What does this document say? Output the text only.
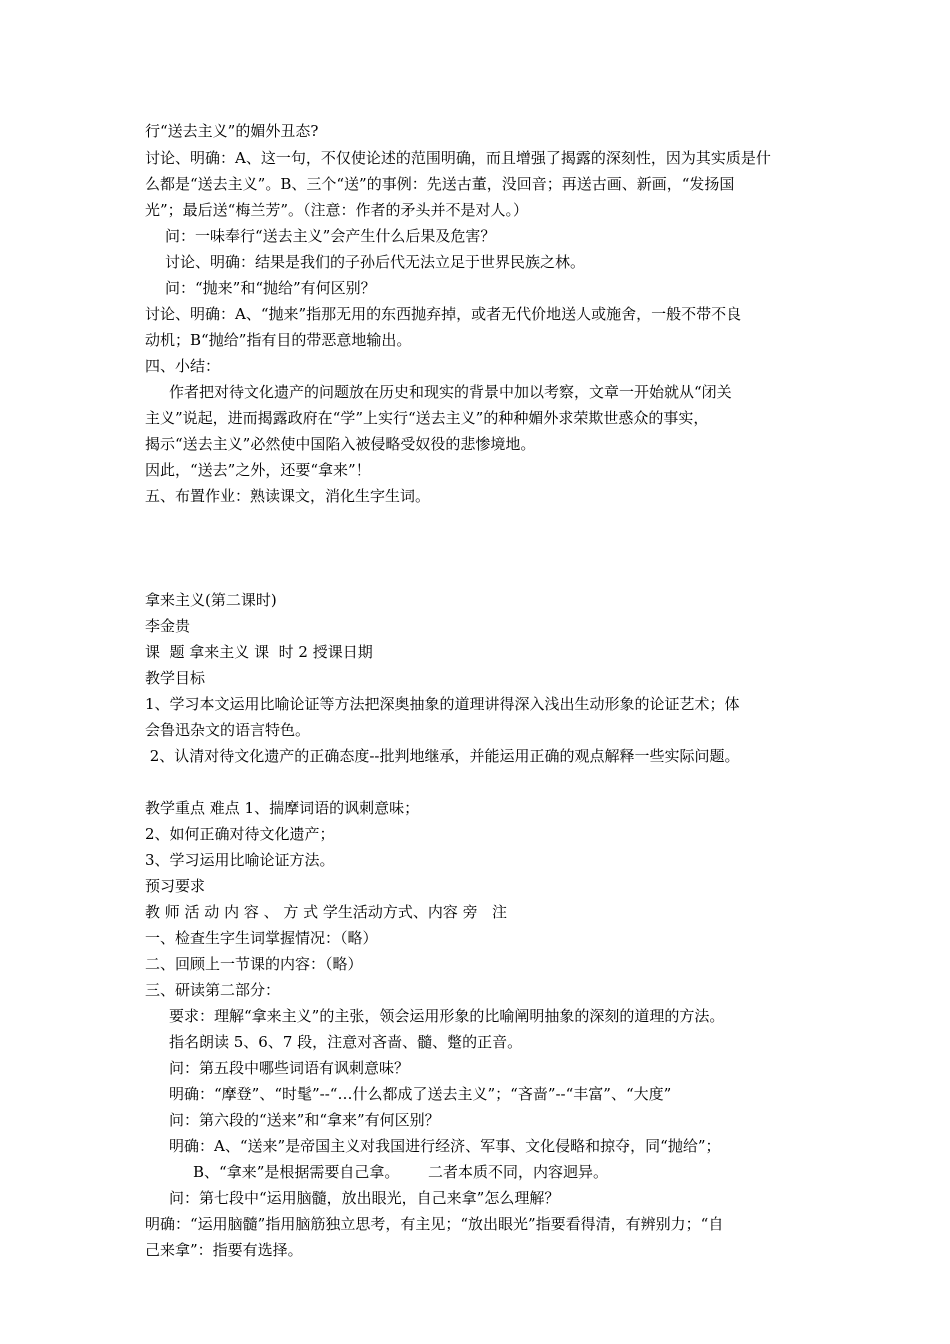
行“送去主义”的媚外丑态?
讨论、明确：A、这一句，不仅使论述的范围明确，而且增强了揭露的深刻性，因为其实质是什
么都是“送去主义”。B、三个“送”的事例：先送古董，没回音；再送古画、新画，“发扬国
光”；最后送“梅兰芳”。（注意：作者的矛头并不是对人。）
问：一味奉行“送去主义”会产生什么后果及危害？
讨论、明确：结果是我们的子孙后代无法立足于世界民族之林。
问：“抛来”和“抛给”有何区别？
讨论、明确：A、“抛来”指那无用的东西抛弃掉，或者无代价地送人或施舍，一般不带不良
动机；B“抛给”指有目的带恶意地输出。
四、小结：
作者把对待文化遗产的问题放在历史和现实的背景中加以考察，文章一开始就从“闭关
主义”说起，进而揭露政府在“学”上实行“送去主义”的种种媚外求荣欺世惑众的事实，
揭示“送去主义”必然使中国陷入被侵略受奴役的悲惨境地。
因此，“送去”之外，还要“拿来”！
五、布置作业：熟读课文，消化生字生词。
拿来主义(第二课时)
李金贵
课  题 拿来主义 课  时 2 授课日期
教学目标
1、学习本文运用比喻论证等方法把深奥抽象的道理讲得深入浅出生动形象的论证艺术；体
会鲁迅杂文的语言特色。
2、认清对待文化遗产的正确态度--批判地继承，并能运用正确的观点解释一些实际问题。
教学重点 难点 1、揣摩词语的讽刺意味；
2、如何正确对待文化遗产；
3、学习运用比喻论证方法。
预习要求
教 师 活 动 内 容 、 方 式 学生活动方式、内容 旁   注
一、检查生字生词掌握情况：（略）
二、回顾上一节课的内容：（略）
三、研读第二部分：
要求：理解“拿来主义”的主张，领会运用形象的比喻阐明抽象的深刻的道理的方法。
指名朗读 5、6、7 段，注意对吝啬、髓、蹩的正音。
问：第五段中哪些词语有讽刺意味？
明确：“摩登”、“时髦”--“…什么都成了送去主义”；“吝啬”--“丰富”、“大度”
问：第六段的“送来”和“拿来”有何区别？
明确：A、“送来”是帝国主义对我国进行经济、军事、文化侵略和掠夺，同“抛给”；
B、“拿来”是根据需要自己拿。      二者本质不同，内容迥异。
问：第七段中“运用脑髓，放出眼光，自己来拿”怎么理解？
明确：“运用脑髓”指用脑筋独立思考，有主见；“放出眼光”指要看得清，有辨别力；“自
己来拿”：指要有选择。
